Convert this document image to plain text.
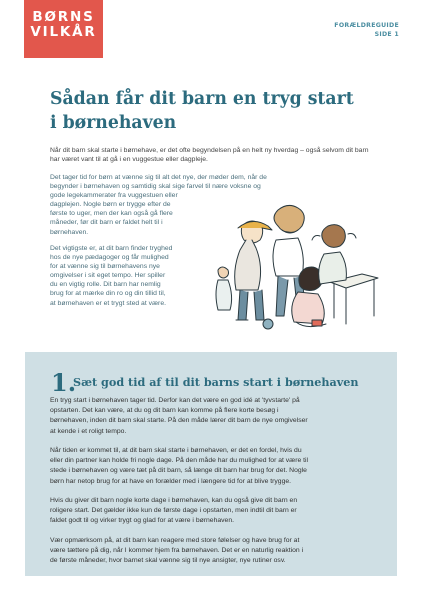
BØRNS
VILKÅR	FORÆLDREGUIDE
SIDE 1
Sådan får dit barn en tryg start
i børnehaven

Når dit barn skal starte i børnehave, er det ofte begyndelsen på en helt ny hverdag – også selvom dit barn har været vant til at gå i en vuggestue eller dagpleje.

Det tager tid for børn at vænne sig til alt det nye, der møder dem, når de
begynder i børnehaven og samtidig skal sige farvel til nære voksne og
gode legekammerater fra vuggestuen eller
dagplejen. Nogle børn er trygge efter de
første to uger, men der kan også gå flere
måneder, før dit barn er faldet helt til i
børnehaven.
Det vigtigste er, at dit barn finder tryghed
hos de nye pædagoger og får mulighed
for at vænne sig til børnehavens nye
omgivelser i sit eget tempo. Her spiller
du en vigtig rolle. Dit barn har nemlig
brug for at mærke din ro og din tillid til,
at børnehaven er et trygt sted at være.
1.
Sæt god tid af til dit barns start i børnehaven
En tryg start i børnehaven tager tid. Derfor kan det være en god idé at 'tyvstarte' på
opstarten. Det kan være, at du og dit barn kan komme på flere korte besøg i
børnehaven, inden dit barn skal starte. På den måde lærer dit barn de nye omgivelser
at kende i et roligt tempo.
Når tiden er kommet til, at dit barn skal starte i børnehaven, er det en fordel, hvis du
eller din partner kan holde fri nogle dage. På den måde har du mulighed for at være til
stede i børnehaven og være tæt på dit barn, så længe dit barn har brug for det. Nogle
børn har netop brug for at have en forælder med i længere tid for at blive trygge.
Hvis du giver dit barn nogle korte dage i børnehaven, kan du også give dit barn en
roligere start. Det gælder ikke kun de første dage i opstarten, men indtil dit barn er
faldet godt til og virker trygt og glad for at være i børnehaven.
Vær opmærksom på, at dit barn kan reagere med store følelser og have brug for at
være tættere på dig, når I kommer hjem fra børnehaven. Det er en naturlig reaktion i
de første måneder, hvor barnet skal vænne sig til nye ansigter, nye rutiner osv.
